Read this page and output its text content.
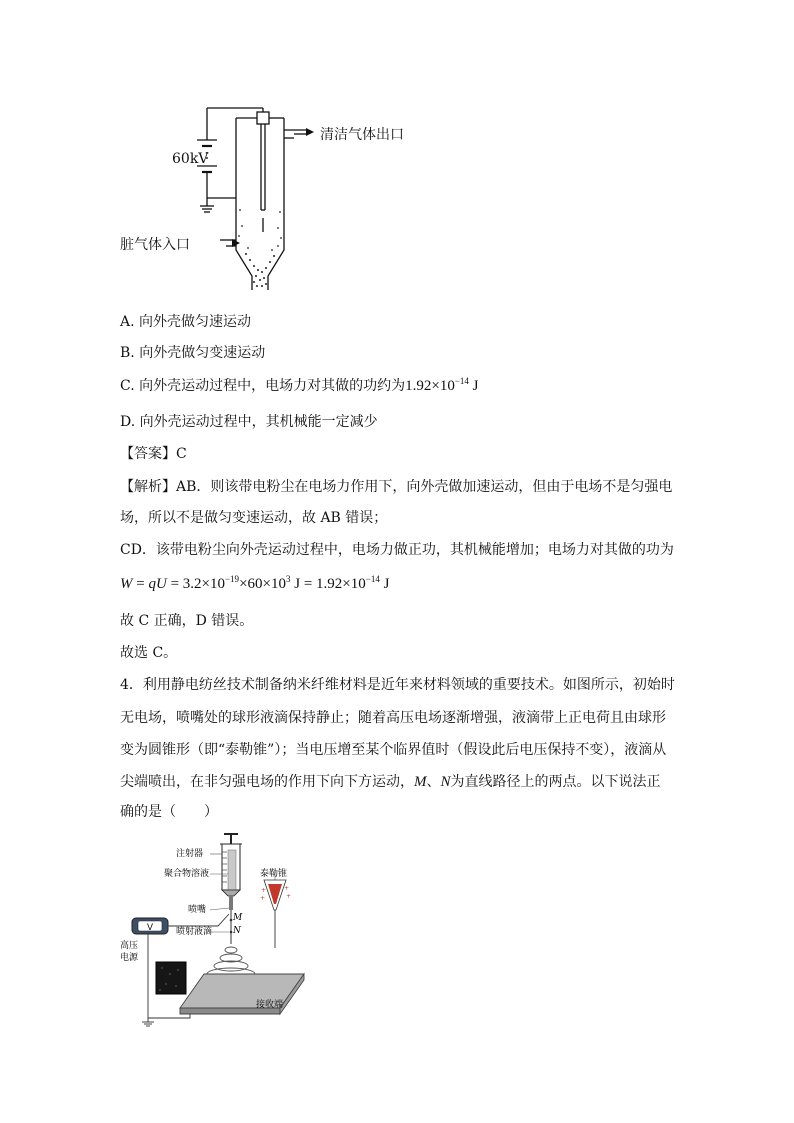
60kV
清洁气体出口
脏气体入口
A. 向外壳做匀速运动
B. 向外壳做匀变速运动
C. 向外壳运动过程中，电场力对其做的功约为$1.92\times 10^{-14}$ J
D. 向外壳运动过程中，其机械能一定减少
【答案】C
【解析】AB．则该带电粉尘在电场力作用下，向外壳做加速运动，但由于电场不是匀强电
场，所以不是做匀变速运动，故 AB 错误；
CD．该带电粉尘向外壳运动过程中，电场力做正功，其机械能增加；电场力对其做的功为
W = qU = $3.2\times 10^{-19}\times 60\times 10^3$ $J = 1.92\times 10^{-14}$ J
故 C 正确，D 错误。
故选 C。
4．利用静电纺丝技术制备纳米纤维材料是近年来材料领域的重要技术。如图所示，初始时
无电场，喷嘴处的球形液滴保持静止；随着高压电场逐渐增强，液滴带上正电荷且由球形
变为圆锥形（即“泰勒锥”）；当电压增至某个临界值时（假设此后电压保持不变），液滴从
尖端喷出，在非匀强电场的作用下向下方运动，M、N为直线路径上的两点。以下说法正
确的是（　　）
+
+
+
+
注射器
聚合物溶液
喷嘴
喷射液滴
M
N
泰勒锥
V
高压
电源
接收端
